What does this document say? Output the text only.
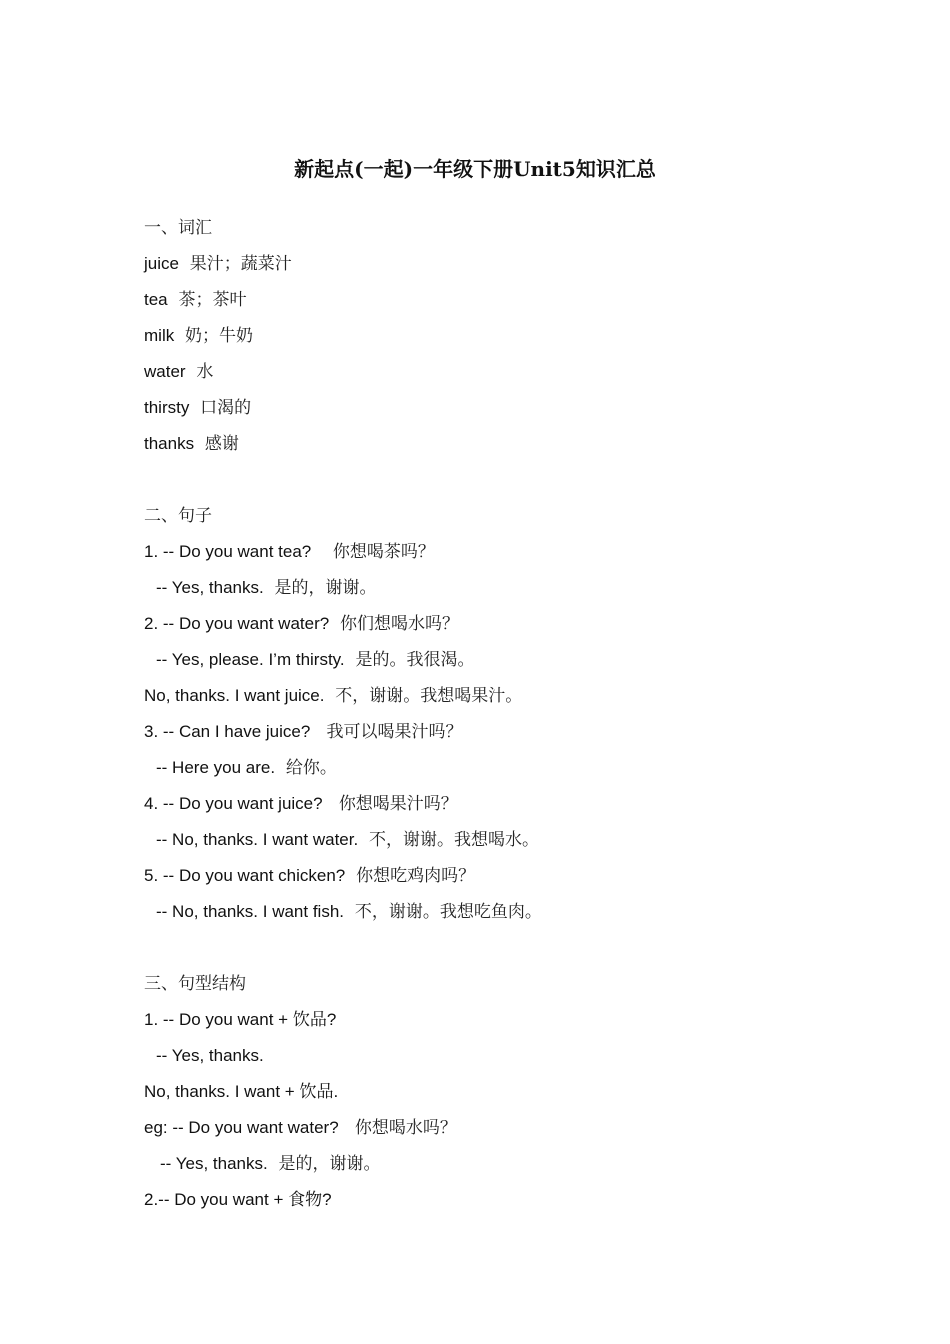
新起点(一起)一年级下册Unit5知识汇总
一、词汇
juice 果汁；蔬菜汁
tea 茶；茶叶
milk 奶；牛奶
water 水
thirsty 口渴的
thanks 感谢
二、句子
1. -- Do you want tea? 你想喝茶吗？
-- Yes, thanks. 是的，谢谢。
2. -- Do you want water? 你们想喝水吗？
-- Yes, please. I’m thirsty. 是的。我很渴。
No, thanks. I want juice. 不，谢谢。我想喝果汁。
3. -- Can I have juice? 我可以喝果汁吗？
-- Here you are. 给你。
4. -- Do you want juice? 你想喝果汁吗？
-- No, thanks. I want water. 不，谢谢。我想喝水。
5. -- Do you want chicken? 你想吃鸡肉吗？
-- No, thanks. I want fish. 不，谢谢。我想吃鱼肉。
三、句型结构
1. -- Do you want + 饮品?
-- Yes, thanks.
No, thanks. I want + 饮品.
eg: -- Do you want water? 你想喝水吗？
-- Yes, thanks. 是的，谢谢。
2.-- Do you want + 食物?
